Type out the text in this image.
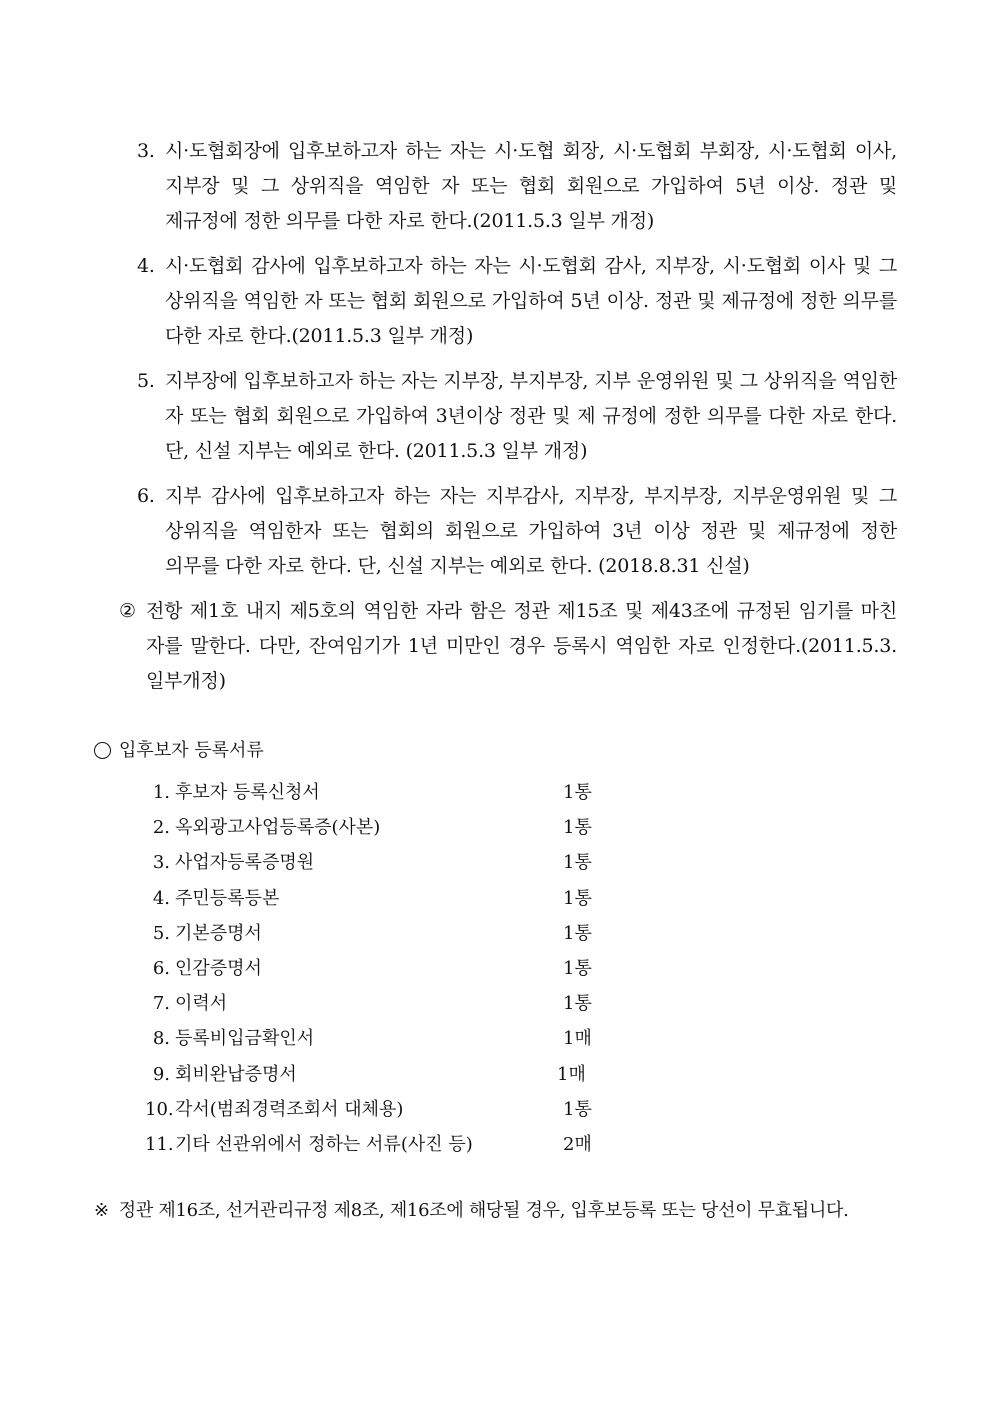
3. 시·도협회장에 입후보하고자 하는 자는 시·도협 회장, 시·도협회 부회장, 시·도협회 이사, 지부장 및 그 상위직을 역임한 자 또는 협회 회원으로 가입하여 5년 이상. 정관 및 제규정에 정한 의무를 다한 자로 한다.(2011.5.3 일부 개정)
4. 시·도협회 감사에 입후보하고자 하는 자는 시·도협회 감사, 지부장, 시·도협회 이사 및 그 상위직을 역임한 자 또는 협회 회원으로 가입하여 5년 이상. 정관 및 제규정에 정한 의무를 다한 자로 한다.(2011.5.3 일부 개정)
5. 지부장에 입후보하고자 하는 자는 지부장, 부지부장, 지부 운영위원 및 그 상위직을 역임한 자 또는 협회 회원으로 가입하여 3년이상 정관 및 제 규정에 정한 의무를 다한 자로 한다. 단, 신설 지부는 예외로 한다. (2011.5.3 일부 개정)
6. 지부 감사에 입후보하고자 하는 자는 지부감사, 지부장, 부지부장, 지부운영위원 및 그 상위직을 역임한자 또는 협회의 회원으로 가입하여 3년 이상 정관 및 제규정에 정한 의무를 다한 자로 한다. 단, 신설 지부는 예외로 한다. (2018.8.31 신설)
② 전항 제1호 내지 제5호의 역임한 자라 함은 정관 제15조 및 제43조에 규정된 임기를 마친 자를 말한다. 다만, 잔여임기가 1년 미만인 경우 등록시 역임한 자로 인정한다.(2011.5.3. 일부개정)
입후보자 등록서류
1. 후보자 등록신청서	1통
2. 옥외광고사업등록증(사본)	1통
3. 사업자등록증명원	1통
4. 주민등록등본	1통
5. 기본증명서	1통
6. 인감증명서	1통
7. 이력서	1통
8. 등록비입금확인서	1매
9. 회비완납증명서	1매
10.각서(범죄경력조회서 대체용)	1통
11.기타 선관위에서 정하는 서류(사진 등)	2매
※ 정관 제16조, 선거관리규정 제8조, 제16조에 해당될 경우, 입후보등록 또는 당선이 무효됩니다.
